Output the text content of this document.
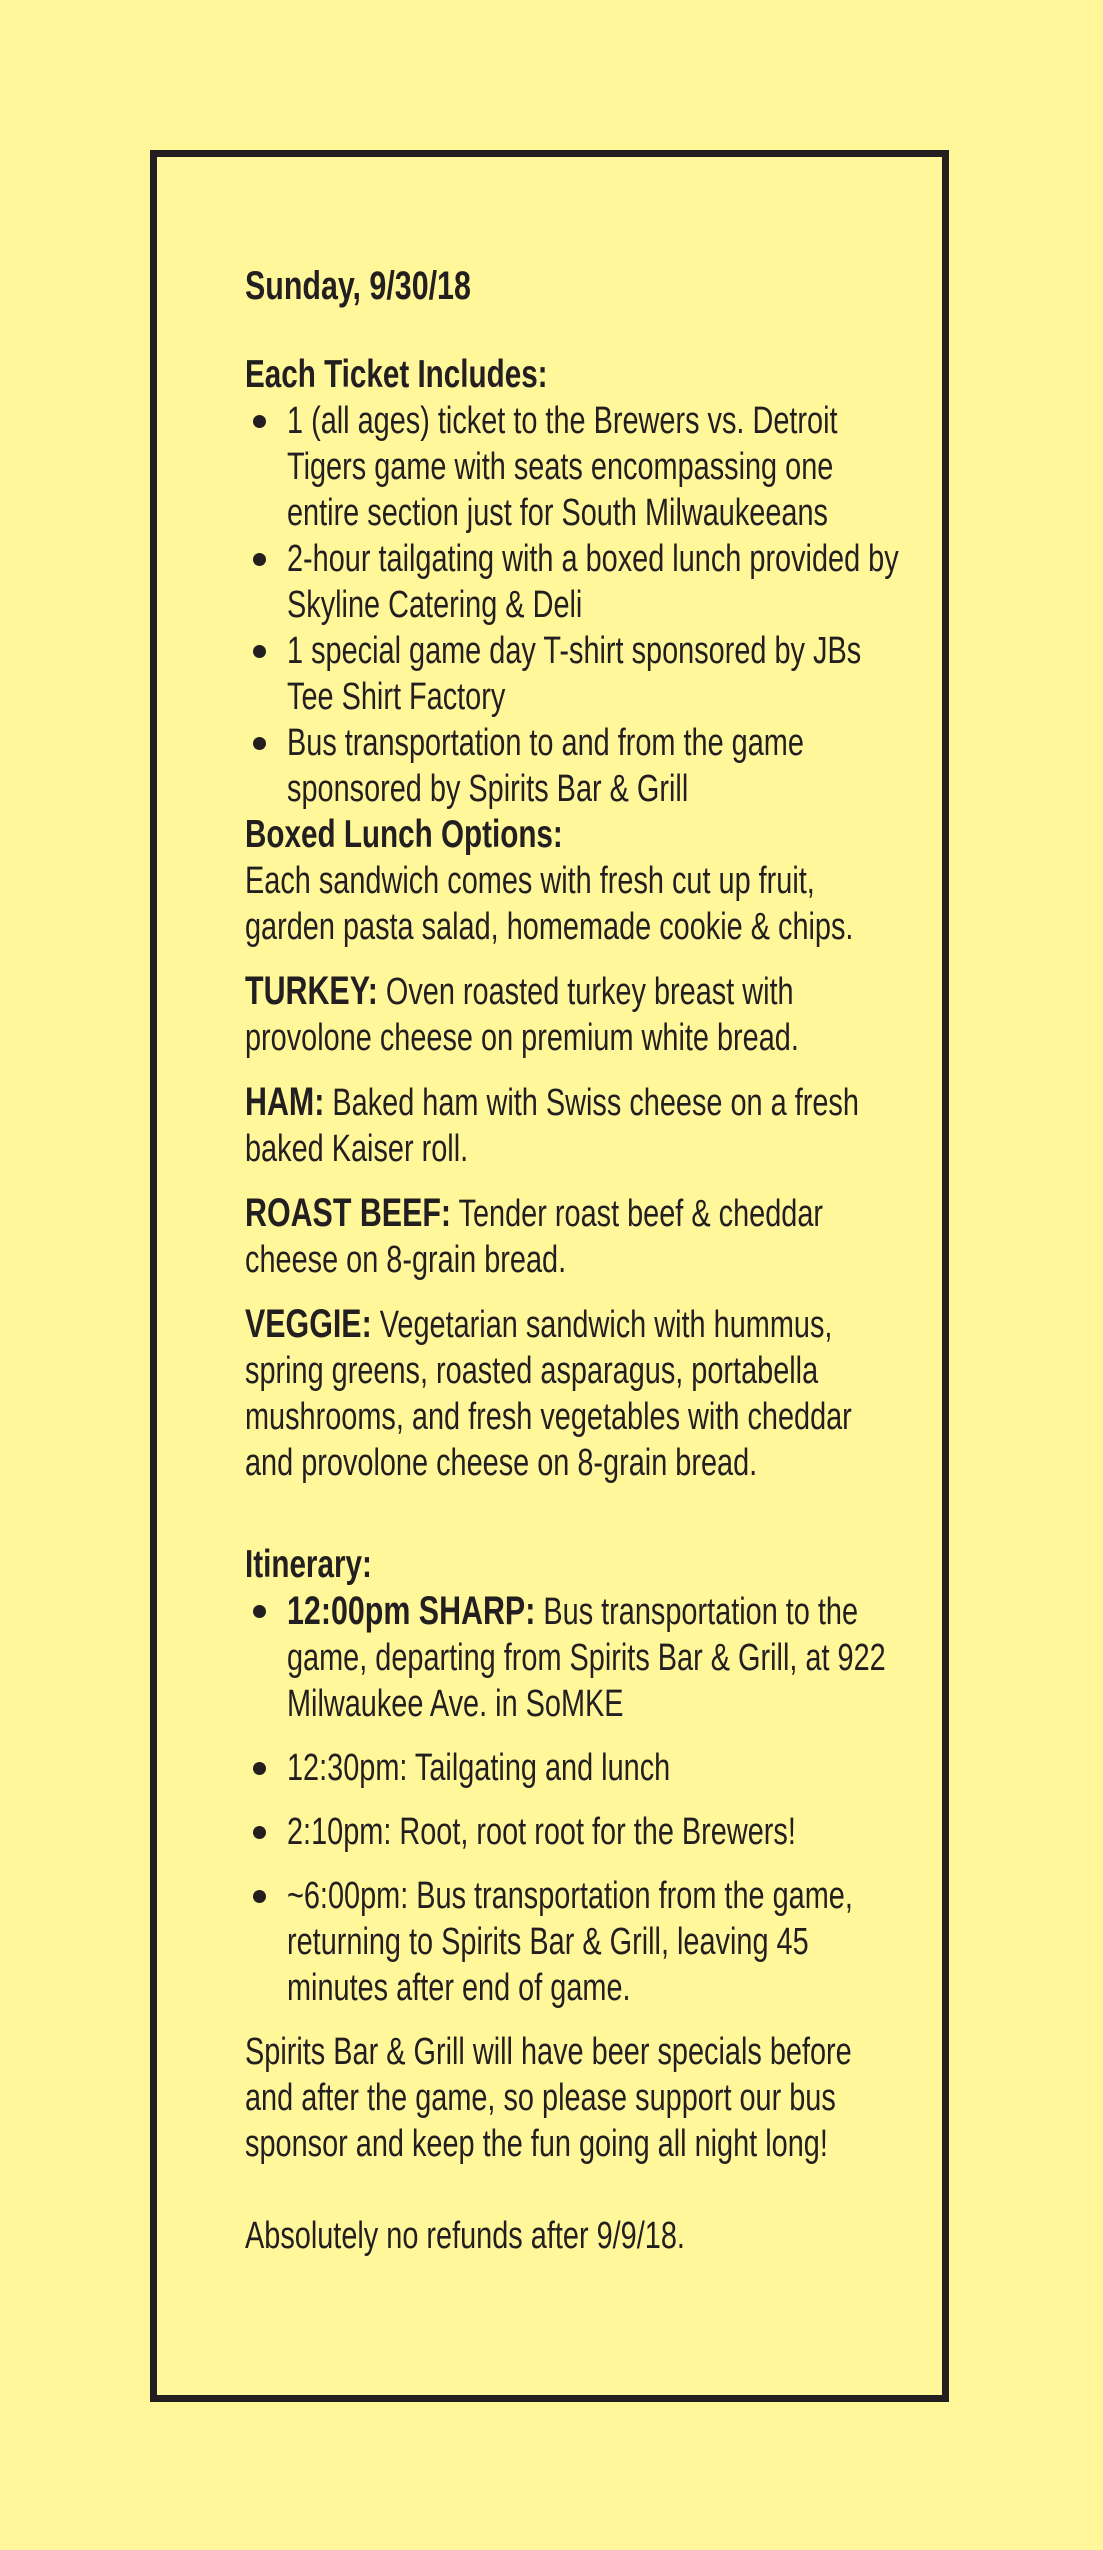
Sunday, 9/30/18
Each Ticket Includes:
1 (all ages) ticket to the Brewers vs. Detroit Tigers game with seats encompassing one entire section just for South Milwaukeeans
2-hour tailgating with a boxed lunch provided by Skyline Catering & Deli
1 special game day T-shirt sponsored by JBs Tee Shirt Factory
Bus transportation to and from the game sponsored by Spirits Bar & Grill
Boxed Lunch Options:
Each sandwich comes with fresh cut up fruit, garden pasta salad, homemade cookie & chips.
TURKEY: Oven roasted turkey breast with provolone cheese on premium white bread.
HAM: Baked ham with Swiss cheese on a fresh baked Kaiser roll.
ROAST BEEF: Tender roast beef & cheddar cheese on 8-grain bread.
VEGGIE: Vegetarian sandwich with hummus, spring greens, roasted asparagus, portabella mushrooms, and fresh vegetables with cheddar and provolone cheese on 8-grain bread.
Itinerary:
12:00pm SHARP: Bus transportation to the game, departing from Spirits Bar & Grill, at 922 Milwaukee Ave. in SoMKE
12:30pm: Tailgating and lunch
2:10pm: Root, root root for the Brewers!
~6:00pm: Bus transportation from the game, returning to Spirits Bar & Grill, leaving 45 minutes after end of game.
Spirits Bar & Grill will have beer specials before and after the game, so please support our bus sponsor and keep the fun going all night long!
Absolutely no refunds after 9/9/18.
